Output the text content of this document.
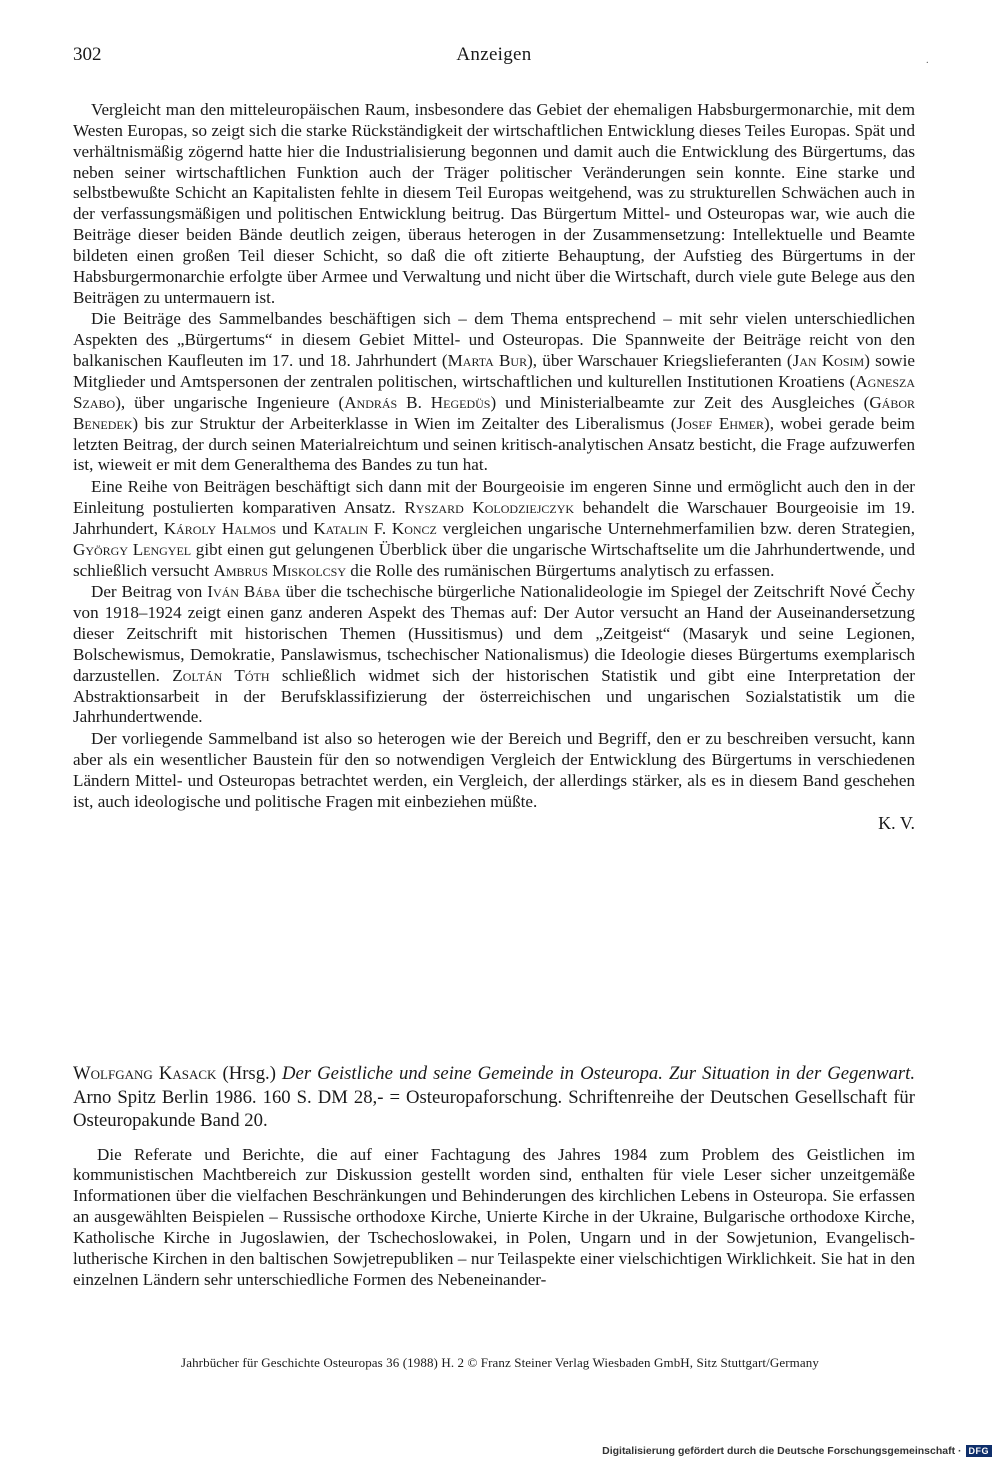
302	Anzeigen	·

Vergleicht man den mitteleuropäischen Raum, insbesondere das Gebiet der ehemaligen Habsburgermonarchie, mit dem Westen Europas, so zeigt sich die starke Rückständigkeit der wirtschaftlichen Entwicklung dieses Teiles Europas. Spät und verhältnismäßig zögernd hatte hier die Industrialisierung begonnen und damit auch die Entwicklung des Bürgertums, das neben seiner wirtschaftlichen Funktion auch der Träger politischer Veränderungen sein konnte. Eine starke und selbstbewußte Schicht an Kapitalisten fehlte in diesem Teil Europas weitgehend, was zu strukturellen Schwächen auch in der verfassungsmäßigen und politischen Entwicklung beitrug. Das Bürgertum Mittel- und Osteuropas war, wie auch die Beiträge dieser beiden Bände deutlich zeigen, überaus heterogen in der Zusammensetzung: Intellektuelle und Beamte bildeten einen großen Teil dieser Schicht, so daß die oft zitierte Behauptung, der Aufstieg des Bürgertums in der Habsburgermonarchie erfolgte über Armee und Verwaltung und nicht über die Wirtschaft, durch viele gute Belege aus den Beiträgen zu untermauern ist.

Die Beiträge des Sammelbandes beschäftigen sich – dem Thema entsprechend – mit sehr vielen unterschiedlichen Aspekten des „Bürgertums“ in diesem Gebiet Mittel- und Osteuropas. Die Spannweite der Beiträge reicht von den balkanischen Kaufleuten im 17. und 18. Jahrhundert (Marta Bur), über Warschauer Kriegslieferanten (Jan Kosim) sowie Mitglieder und Amtspersonen der zentralen politischen, wirtschaftlichen und kulturellen Institutionen Kroatiens (Agnesza Szabo), über ungarische Ingenieure (András B. Hegedüs) und Ministerialbeamte zur Zeit des Ausgleiches (Gábor Benedek) bis zur Struktur der Arbeiterklasse in Wien im Zeitalter des Liberalismus (Josef Ehmer), wobei gerade beim letzten Beitrag, der durch seinen Materialreichtum und seinen kritisch-analytischen Ansatz besticht, die Frage aufzuwerfen ist, wieweit er mit dem Generalthema des Bandes zu tun hat.

Eine Reihe von Beiträgen beschäftigt sich dann mit der Bourgeoisie im engeren Sinne und ermöglicht auch den in der Einleitung postulierten komparativen Ansatz. Ryszard Kolodziejczyk behandelt die Warschauer Bourgeoisie im 19. Jahrhundert, Károly Halmos und Katalin F. Koncz vergleichen ungarische Unternehmerfamilien bzw. deren Strategien, György Lengyel gibt einen gut gelungenen Überblick über die ungarische Wirtschaftselite um die Jahrhundertwende, und schließlich versucht Ambrus Miskolcsy die Rolle des rumänischen Bürgertums analytisch zu erfassen.

Der Beitrag von Iván Bába über die tschechische bürgerliche Nationalideologie im Spiegel der Zeitschrift Nové Čechy von 1918–1924 zeigt einen ganz anderen Aspekt des Themas auf: Der Autor versucht an Hand der Auseinandersetzung dieser Zeitschrift mit historischen Themen (Hussitismus) und dem „Zeitgeist“ (Masaryk und seine Legionen, Bolschewismus, Demokratie, Panslawismus, tschechischer Nationalismus) die Ideologie dieses Bürgertums exemplarisch darzustellen. Zoltán Tóth schließlich widmet sich der historischen Statistik und gibt eine Interpretation der Abstraktionsarbeit in der Berufsklassifizierung der österreichischen und ungarischen Sozialstatistik um die Jahrhundertwende.

Der vorliegende Sammelband ist also so heterogen wie der Bereich und Begriff, den er zu beschreiben versucht, kann aber als ein wesentlicher Baustein für den so notwendigen Vergleich der Entwicklung des Bürgertums in verschiedenen Ländern Mittel- und Osteuropas betrachtet werden, ein Vergleich, der allerdings stärker, als es in diesem Band geschehen ist, auch ideologische und politische Fragen mit einbeziehen müßte.

K. V.
Wolfgang Kasack (Hrsg.) Der Geistliche und seine Gemeinde in Osteuropa. Zur Situation in der Gegenwart. Arno Spitz Berlin 1986. 160 S. DM 28,- = Osteuropaforschung. Schriftenreihe der Deutschen Gesellschaft für Osteuropakunde Band 20.

Die Referate und Berichte, die auf einer Fachtagung des Jahres 1984 zum Problem des Geistlichen im kommunistischen Machtbereich zur Diskussion gestellt worden sind, enthalten für viele Leser sicher unzeitgemäße Informationen über die vielfachen Beschränkungen und Behinderungen des kirchlichen Lebens in Osteuropa. Sie erfassen an ausgewählten Beispielen – Russische orthodoxe Kirche, Unierte Kirche in der Ukraine, Bulgarische orthodoxe Kirche, Katholische Kirche in Jugoslawien, der Tschechoslowakei, in Polen, Ungarn und in der Sowjetunion, Evangelisch-lutherische Kirchen in den baltischen Sowjetrepubliken – nur Teilaspekte einer vielschichtigen Wirklichkeit. Sie hat in den einzelnen Ländern sehr unterschiedliche Formen des Nebeneinander-

Jahrbücher für Geschichte Osteuropas 36 (1988) H. 2 © Franz Steiner Verlag Wiesbaden GmbH, Sitz Stuttgart/Germany
Digitalisierung gefördert durch die Deutsche Forschungsgemeinschaft · DFG
